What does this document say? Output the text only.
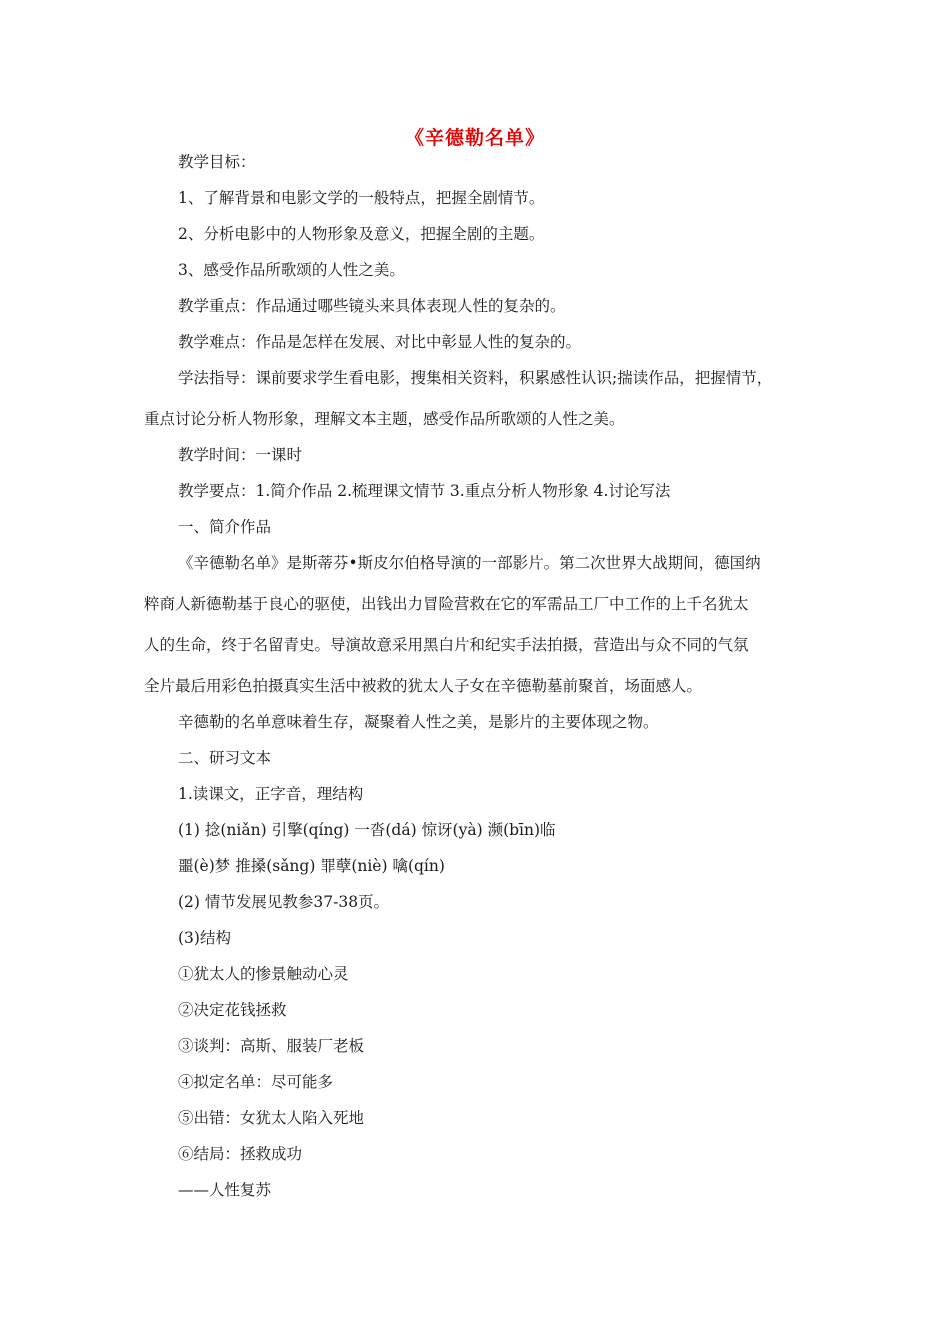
《辛德勒名单》
教学目标：
1、了解背景和电影文学的一般特点，把握全剧情节。
2、分析电影中的人物形象及意义，把握全剧的主题。
3、感受作品所歌颂的人性之美。
教学重点：作品通过哪些镜头来具体表现人性的复杂的。
教学难点：作品是怎样在发展、对比中彰显人性的复杂的。
学法指导：课前要求学生看电影，搜集相关资料，积累感性认识;揣读作品，把握情节，
重点讨论分析人物形象，理解文本主题，感受作品所歌颂的人性之美。
教学时间：一课时
教学要点：1.简介作品 2.梳理课文情节 3.重点分析人物形象 4.讨论写法
一、简介作品
《辛德勒名单》是斯蒂芬•斯皮尔伯格导演的一部影片。第二次世界大战期间，德国纳
粹商人新德勒基于良心的驱使，出钱出力冒险营救在它的军需品工厂中工作的上千名犹太
人的生命，终于名留青史。导演故意采用黑白片和纪实手法拍摄，营造出与众不同的气氛
全片最后用彩色拍摄真实生活中被救的犹太人子女在辛德勒墓前聚首，场面感人。
辛德勒的名单意味着生存，凝聚着人性之美，是影片的主要体现之物。
二、研习文本
1.读课文，正字音，理结构
(1) 捻(niǎn) 引擎(qíng) 一沓(dá) 惊讶(yà) 濒(bīn)临
噩(è)梦 推搡(sǎng) 罪孽(niè) 噙(qín)
(2) 情节发展见教参37-38页。
(3)结构
①犹太人的惨景触动心灵
②决定花钱拯救
③谈判：高斯、服装厂老板
④拟定名单：尽可能多
⑤出错：女犹太人陷入死地
⑥结局：拯救成功
——人性复苏
